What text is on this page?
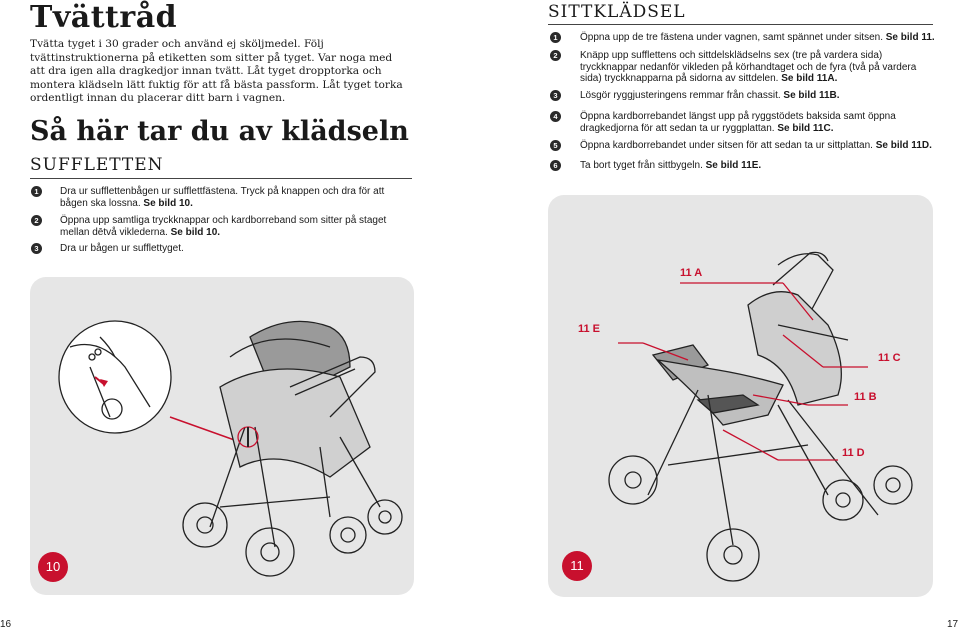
Tvättråd
Tvätta tyget i 30 grader och använd ej sköljmedel. Följ tvättinstruktionerna på etiketten som sitter på tyget. Var noga med att dra igen alla dragkedjor innan tvätt. Låt tyget dropptorka och montera klädseln lätt fuktig för att få bästa passform. Låt tyget torka ordentligt innan du placerar ditt barn i vagnen.
Så här tar du av klädseln
SUFFLETTEN
1	Dra ur sufflettenbågen ur sufflettfästena. Tryck på knappen och dra för att bågen ska lossna. Se bild 10.
2	Öppna upp samtliga tryckknappar och kardborreband som sitter på staget mellan dētvå viklederna. Se bild 10.
3	Dra ur bågen ur sufflettyget.
10
16
SITTKLÄDSEL
1	Öppna upp de tre fästena under vagnen, samt spännet under sitsen. Se bild 11.
2	Knäpp upp sufflettens och sittdelsklädselns sex (tre på vardera sida) tryckknappar nedanför vikleden på körhandtaget och de fyra (två på vardera sida) tryckknapparna på sidorna av sittdelen. Se bild 11A.
3	Lösgör ryggjusteringens remmar från chassit. Se bild 11B.
4	Öppna kardborrebandet längst upp på ryggstödets baksida samt öppna dragkedjorna för att sedan ta ur ryggplattan. Se bild 11C.
5	Öppna kardborrebandet under sitsen för att sedan ta ur sittplattan. Se bild 11D.
6	Ta bort tyget från sittbygeln. Se bild 11E.
11 A
11 E
11 C
11 B
11 D
11
17
